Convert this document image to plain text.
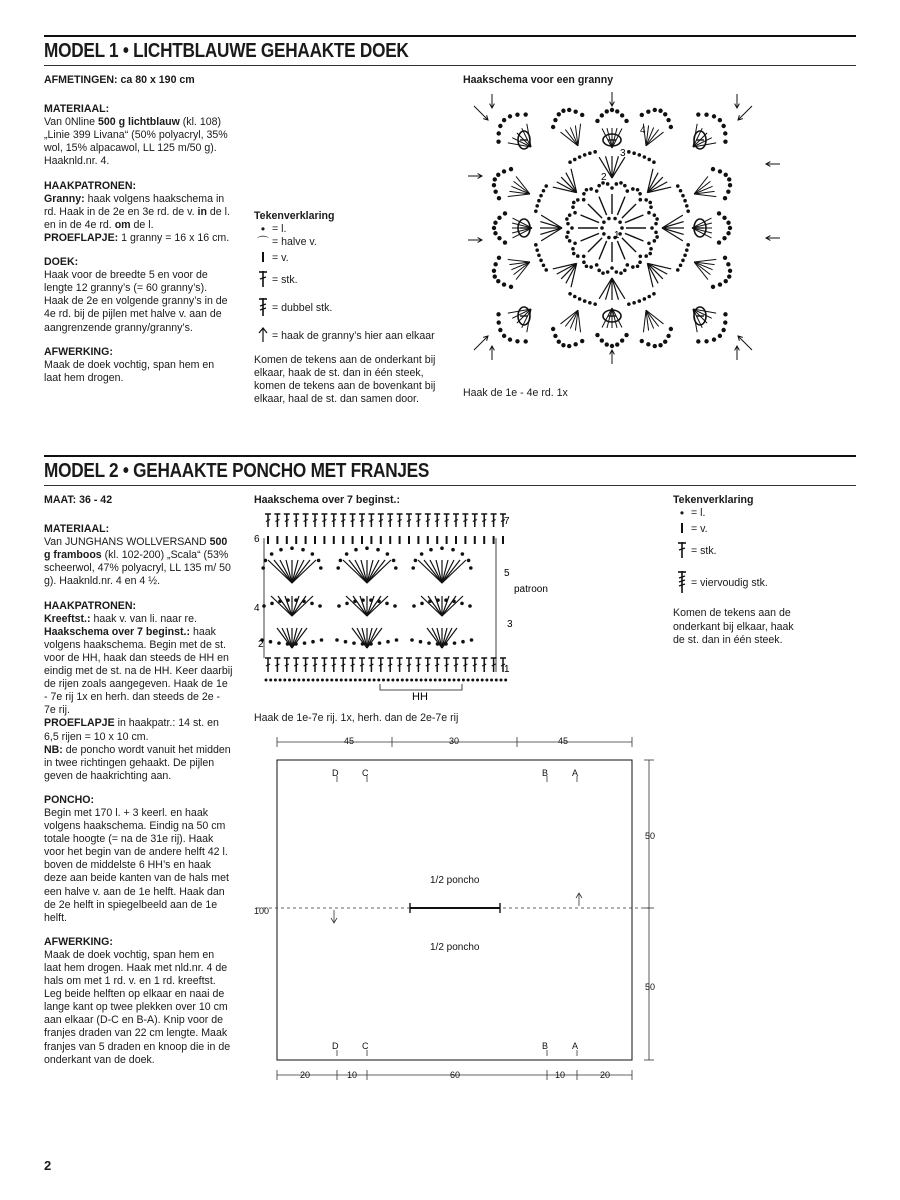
MODEL 1 • LICHTBLAUWE GEHAAKTE DOEK
AFMETINGEN: ca 80 x 190 cm
MATERIAAL:

Van 0Nline 500 g lichtblauw (kl. 108) „Linie 399 Livana“ (50% polyacryl, 35% wol, 15% alpacawol, LL 125 m/50 g). Haaknld.nr. 4.

HAAKPATRONEN:

Granny: haak volgens haakschema in rd. Haak in de 2e en 3e rd. de v. in de l. en in de 4e rd. om de l.

PROEFLAPJE: 1 granny = 16 x 16 cm.

DOEK:

Haak voor de breedte 5 en voor de lengte 12 granny’s (= 60 granny’s). Haak de 2e en volgende granny’s in de 4e rd. bij de pijlen met halve v. aan de aangrenzende granny/granny’s.

AFWERKING:

Maak de doek vochtig, span hem en laat hem drogen.

Tekenverklaring
• = l.
⌒ = halve v.
= v.
= stk.
= dubbel stk.
= haak de granny’s hier aan elkaar

Komen de tekens aan de onderkant bij elkaar, haak de st. dan in één steek, komen de tekens aan de bovenkant bij elkaar, haal de st. dan samen door.

Haakschema voor een granny
1
2
3
4
Haak de 1e - 4e rd. 1x
MODEL 2 • GEHAAKTE PONCHO MET FRANJES
MAAT: 36 - 42
MATERIAAL:

Van JUNGHANS WOLLVERSAND 500 g framboos (kl. 102-200) „Scala“ (53% scheerwol, 47% polyacryl, LL 135 m/ 50 g). Haaknld.nr. 4 en 4 ½.

HAAKPATRONEN:

Kreeftst.: haak v. van li. naar re.

Haakschema over 7 beginst.: haak volgens haakschema. Begin met de st. voor de HH, haak dan steeds de HH en eindig met de st. na de HH. Keer daarbij de rijen zoals aangegeven. Haak de 1e - 7e rij 1x en herh. dan steeds de 2e - 7e rij.

PROEFLAPJE in haakpatr.: 14 st. en 6,5 rijen = 10 x 10 cm.

NB: de poncho wordt vanuit het midden in twee richtingen gehaakt. De pijlen geven de haakrichting aan.

PONCHO:

Begin met 170 l. + 3 keerl. en haak volgens haakschema. Eindig na 50 cm totale hoogte (= na de 31e rij). Haak voor het begin van de andere helft 42 l. boven de middelste 6 HH’s en haak deze aan beide kanten van de hals met een halve v. aan de 1e helft. Haak dan de 2e helft in spiegelbeeld aan de 1e helft.

AFWERKING:

Maak de doek vochtig, span hem en laat hem drogen. Haak met nld.nr. 4 de hals om met 1 rd. v. en 1 rd. kreeftst. Leg beide helften op elkaar en naai de lange kant op twee plekken over 10 cm aan elkaar (D-C en B-A). Knip voor de franjes draden van 22 cm lengte. Maak franjes van 5 draden en knoop die in de onderkant van de doek.

Haakschema over 7 beginst.:
7
6
5
patroon
4
3
2
1
HH
Haak de 1e-7e rij. 1x, herh. dan de 2e-7e rij
Tekenverklaring
• = l.
= v.
= stk.
= viervoudig stk.

Komen de tekens aan de onderkant bij elkaar, haak de st. dan in één steek.

45	30	45
D	C	B	A
50
50
100
1/2 poncho
1/2 poncho
D	C	B	A
20	10	60	10	20
2
